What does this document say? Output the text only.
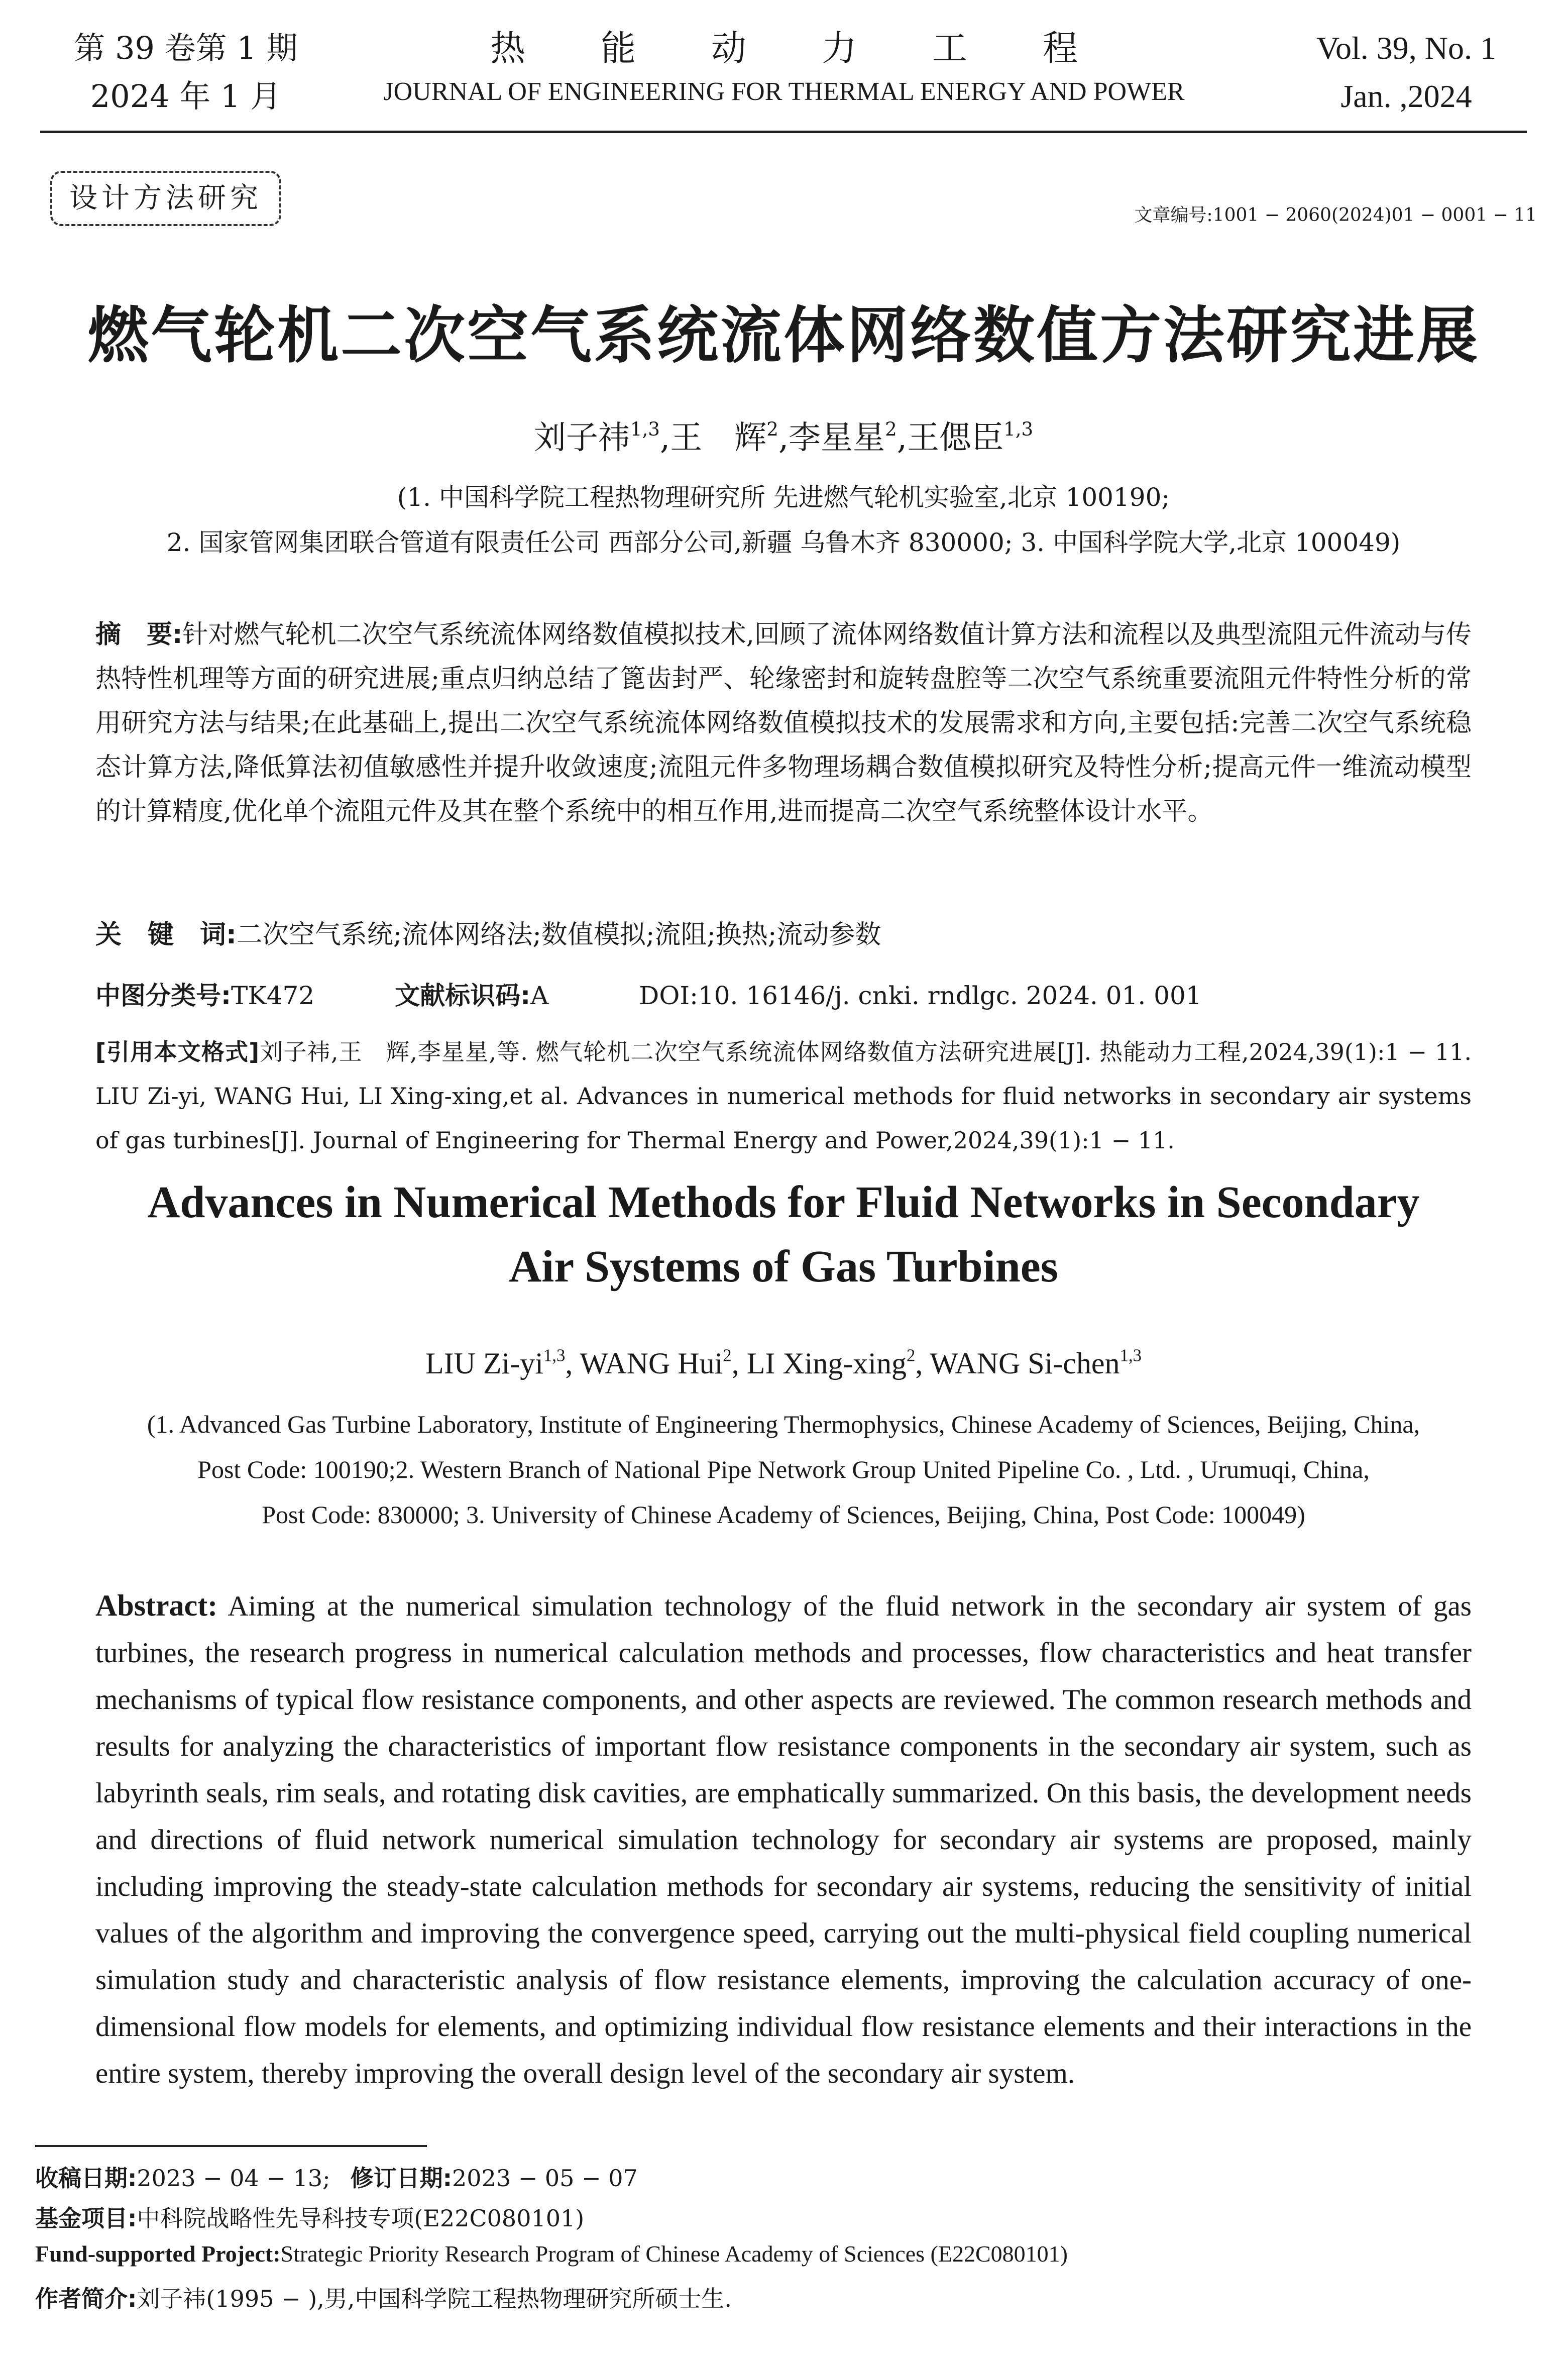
第 39 卷第 1 期
2024 年 1 月
热能动力工程
JOURNAL OF ENGINEERING FOR THERMAL ENERGY AND POWER
Vol. 39, No. 1
Jan. ,2024
设计方法研究
文章编号:1001 − 2060(2024)01 − 0001 − 11
燃气轮机二次空气系统流体网络数值方法研究进展
刘子祎$^{1,3}$,王　辉$^2$,李星星$^2$,王偲臣$^{1,3}$
(1. 中国科学院工程热物理研究所 先进燃气轮机实验室,北京 100190;
2. 国家管网集团联合管道有限责任公司 西部分公司,新疆 乌鲁木齐 830000; 3. 中国科学院大学,北京 100049)
摘　要:针对燃气轮机二次空气系统流体网络数值模拟技术,回顾了流体网络数值计算方法和流程以及典型流阻元件流动与传热特性机理等方面的研究进展;重点归纳总结了篦齿封严、轮缘密封和旋转盘腔等二次空气系统重要流阻元件特性分析的常用研究方法与结果;在此基础上,提出二次空气系统流体网络数值模拟技术的发展需求和方向,主要包括:完善二次空气系统稳态计算方法,降低算法初值敏感性并提升收敛速度;流阻元件多物理场耦合数值模拟研究及特性分析;提高元件一维流动模型的计算精度,优化单个流阻元件及其在整个系统中的相互作用,进而提高二次空气系统整体设计水平。
关　键　词:二次空气系统;流体网络法;数值模拟;流阻;换热;流动参数
中图分类号:TK472	文献标识码:A	DOI:10. 16146/j. cnki. rndlgc. 2024. 01. 001
[引用本文格式]刘子祎,王　辉,李星星,等. 燃气轮机二次空气系统流体网络数值方法研究进展[J]. 热能动力工程,2024,39(1):1 − 11. LIU Zi-yi, WANG Hui, LI Xing-xing,et al. Advances in numerical methods for fluid networks in secondary air systems of gas turbines[J]. Journal of Engineering for Thermal Energy and Power,2024,39(1):1 − 11.
Advances in Numerical Methods for Fluid Networks in Secondary
Air Systems of Gas Turbines
LIU Zi-yi$^{1,3}$, WANG Hui$^2$, LI Xing-xing$^2$, WANG Si-chen$^{1,3}$
(1. Advanced Gas Turbine Laboratory, Institute of Engineering Thermophysics, Chinese Academy of Sciences, Beijing, China,
Post Code: 100190;2. Western Branch of National Pipe Network Group United Pipeline Co. , Ltd. , Urumuqi, China,
Post Code: 830000; 3. University of Chinese Academy of Sciences, Beijing, China, Post Code: 100049)
Abstract: Aiming at the numerical simulation technology of the fluid network in the secondary air system of gas turbines, the research progress in numerical calculation methods and processes, flow characteristics and heat transfer mechanisms of typical flow resistance components, and other aspects are reviewed. The common research methods and results for analyzing the characteristics of important flow resistance components in the secondary air system, such as labyrinth seals, rim seals, and rotating disk cavities, are emphatically summarized. On this basis, the development needs and directions of fluid network numerical simulation technology for secondary air systems are proposed, mainly including improving the steady-state calculation methods for secondary air systems, reducing the sensitivity of initial values of the algorithm and improving the convergence speed, carrying out the multi-physical field coupling numerical simulation study and characteristic analysis of flow resistance elements, improving the calculation accuracy of one-dimensional flow models for elements, and optimizing individual flow resistance elements and their interactions in the entire system, thereby improving the overall design level of the secondary air system.
收稿日期:2023 − 04 − 13; 修订日期:2023 − 05 − 07
基金项目:中科院战略性先导科技专项(E22C080101)
Fund-supported Project:Strategic Priority Research Program of Chinese Academy of Sciences (E22C080101)
作者简介:刘子祎(1995 − ),男,中国科学院工程热物理研究所硕士生.
